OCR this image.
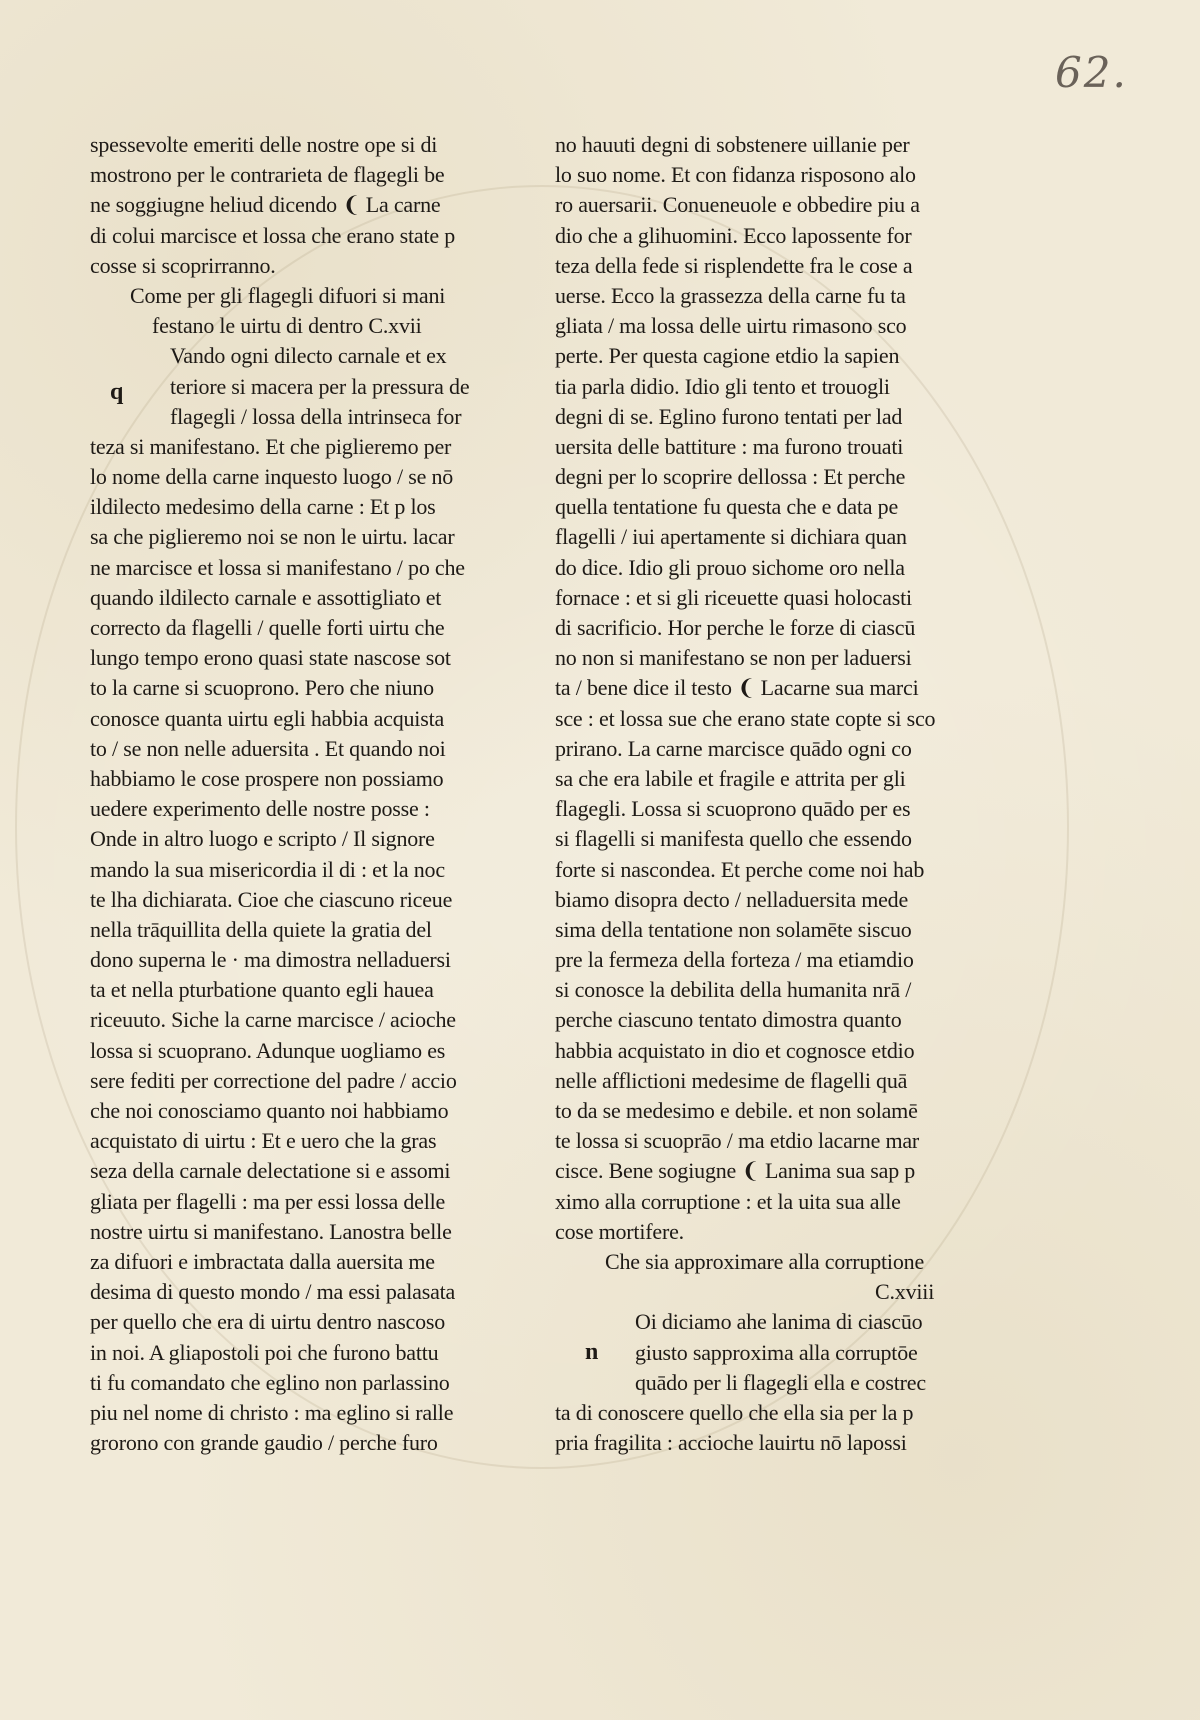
62.
spessevolte emeriti delle nostre ope si di
mostrono per le contrarieta de flagegli be
ne soggiugne heliud dicendo ❨ La carne
di colui marcisce et lossa che erano state p
cosse si scoprirranno.
Come per gli flagegli difuori si mani
festano le uirtu di dentro C.xvii
q
Vando ogni dilecto carnale et ex
teriore si macera per la pressura de
flagegli / lossa della intrinseca for
teza si manifestano. Et che piglieremo per
lo nome della carne inquesto luogo / se nō
ildilecto medesimo della carne : Et p los
sa che piglieremo noi se non le uirtu. lacar
ne marcisce et lossa si manifestano / po che
quando ildilecto carnale e assottigliato et
correcto da flagelli / quelle forti uirtu che
lungo tempo erono quasi state nascose sot
to la carne si scuoprono. Pero che niuno
conosce quanta uirtu egli habbia acquista
to / se non nelle aduersita . Et quando noi
habbiamo le cose prospere non possiamo
uedere experimento delle nostre posse :
Onde in altro luogo e scripto / Il signore
mando la sua misericordia il di : et la noc
te lha dichiarata. Cioe che ciascuno riceue
nella trāquillita della quiete la gratia del
dono superna le · ma dimostra nelladuersi
ta et nella pturbatione quanto egli hauea
riceuuto. Siche la carne marcisce / acioche
lossa si scuoprano. Adunque uogliamo es
sere fediti per correctione del padre / accio
che noi conosciamo quanto noi habbiamo
acquistato di uirtu : Et e uero che la gras
seza della carnale delectatione si e assomi
gliata per flagelli : ma per essi lossa delle
nostre uirtu si manifestano. Lanostra belle
za difuori e imbractata dalla auersita me
desima di questo mondo / ma essi palasata
per quello che era di uirtu dentro nascoso
in noi. A gliapostoli poi che furono battu
ti fu comandato che eglino non parlassino
piu nel nome di christo : ma eglino si ralle
grorono con grande gaudio / perche furo
no hauuti degni di sobstenere uillanie per
lo suo nome. Et con fidanza risposono alo
ro auersarii. Conueneuole e obbedire piu a
dio che a glihuomini. Ecco lapossente for
teza della fede si risplendette fra le cose a
uerse. Ecco la grassezza della carne fu ta
gliata / ma lossa delle uirtu rimasono sco
perte. Per questa cagione etdio la sapien
tia parla didio. Idio gli tento et trouogli
degni di se. Eglino furono tentati per lad
uersita delle battiture : ma furono trouati
degni per lo scoprire dellossa : Et perche
quella tentatione fu questa che e data pe
flagelli / iui apertamente si dichiara quan
do dice. Idio gli prouo sichome oro nella
fornace : et si gli riceuette quasi holocasti
di sacrificio. Hor perche le forze di ciascū
no non si manifestano se non per laduersi
ta / bene dice il testo ❨ Lacarne sua marci
sce : et lossa sue che erano state copte si sco
prirano. La carne marcisce quādo ogni co
sa che era labile et fragile e attrita per gli
flagegli. Lossa si scuoprono quādo per es
si flagelli si manifesta quello che essendo
forte si nascondea. Et perche come noi hab
biamo disopra decto / nelladuersita mede
sima della tentatione non solamēte siscuo
pre la fermeza della forteza / ma etiamdio
si conosce la debilita della humanita nrā /
perche ciascuno tentato dimostra quanto
habbia acquistato in dio et cognosce etdio
nelle afflictioni medesime de flagelli quā
to da se medesimo e debile. et non solamē
te lossa si scuoprāo / ma etdio lacarne mar
cisce. Bene sogiugne ❨ Lanima sua sap p
ximo alla corruptione : et la uita sua alle
cose mortifere.
Che sia approximare alla corruptione
C.xviii
n
Oi diciamo ahe lanima di ciascūo
giusto sapproxima alla corruptōe
quādo per li flagegli ella e costrec
ta di conoscere quello che ella sia per la p
pria fragilita : accioche lauirtu nō lapossi
